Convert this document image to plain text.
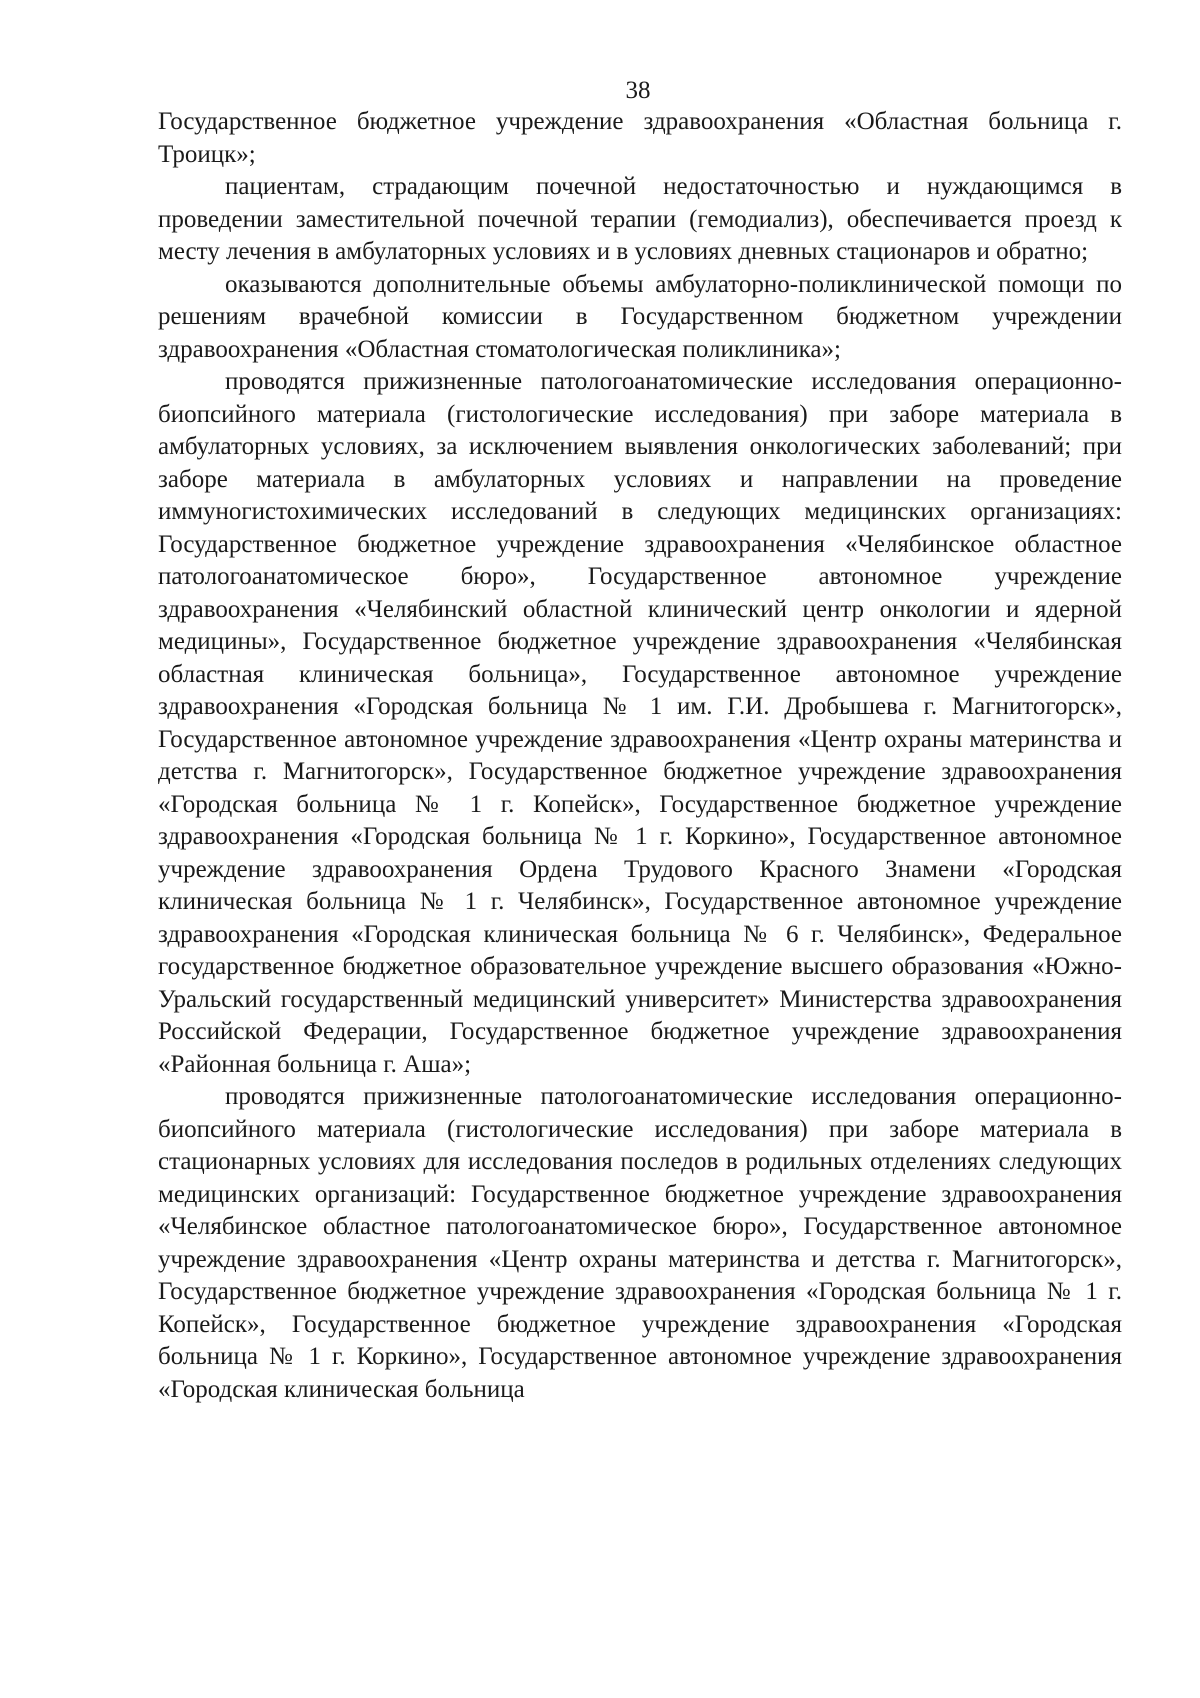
38

Государственное бюджетное учреждение здравоохранения «Областная больница г. Троицк»;

пациентам, страдающим почечной недостаточностью и нуждающимся в проведении заместительной почечной терапии (гемодиализ), обеспечивается проезд к месту лечения в амбулаторных условиях и в условиях дневных стационаров и обратно;

оказываются дополнительные объемы амбулаторно-поликлинической помощи по решениям врачебной комиссии в Государственном бюджетном учреждении здравоохранения «Областная стоматологическая поликлиника»;

проводятся прижизненные патологоанатомические исследования операционно-биопсийного материала (гистологические исследования) при заборе материала в амбулаторных условиях, за исключением выявления онкологических заболеваний; при заборе материала в амбулаторных условиях и направлении на проведение иммуногистохимических исследований в следующих медицинских организациях: Государственное бюджетное учреждение здравоохранения «Челябинское областное патологоанатомическое бюро», Государственное автономное учреждение здравоохранения «Челябинский областной клинический центр онкологии и ядерной медицины», Государственное бюджетное учреждение здравоохранения «Челябинская областная клиническая больница», Государственное автономное учреждение здравоохранения «Городская больница № 1 им. Г.И. Дробышева г. Магнитогорск», Государственное автономное учреждение здравоохранения «Центр охраны материнства и детства г. Магнитогорск», Государственное бюджетное учреждение здравоохранения «Городская больница № 1 г. Копейск», Государственное бюджетное учреждение здравоохранения «Городская больница № 1 г. Коркино», Государственное автономное учреждение здравоохранения Ордена Трудового Красного Знамени «Городская клиническая больница № 1 г. Челябинск», Государственное автономное учреждение здравоохранения «Городская клиническая больница № 6 г. Челябинск», Федеральное государственное бюджетное образовательное учреждение высшего образования «Южно-Уральский государственный медицинский университет» Министерства здравоохранения Российской Федерации, Государственное бюджетное учреждение здравоохранения «Районная больница г. Аша»;

проводятся прижизненные патологоанатомические исследования операционно-биопсийного материала (гистологические исследования) при заборе материала в стационарных условиях для исследования последов в родильных отделениях следующих медицинских организаций: Государственное бюджетное учреждение здравоохранения «Челябинское областное патологоанатомическое бюро», Государственное автономное учреждение здравоохранения «Центр охраны материнства и детства г. Магнитогорск», Государственное бюджетное учреждение здравоохранения «Городская больница № 1 г. Копейск», Государственное бюджетное учреждение здравоохранения «Городская больница № 1 г. Коркино», Государственное автономное учреждение здравоохранения «Городская клиническая больница
